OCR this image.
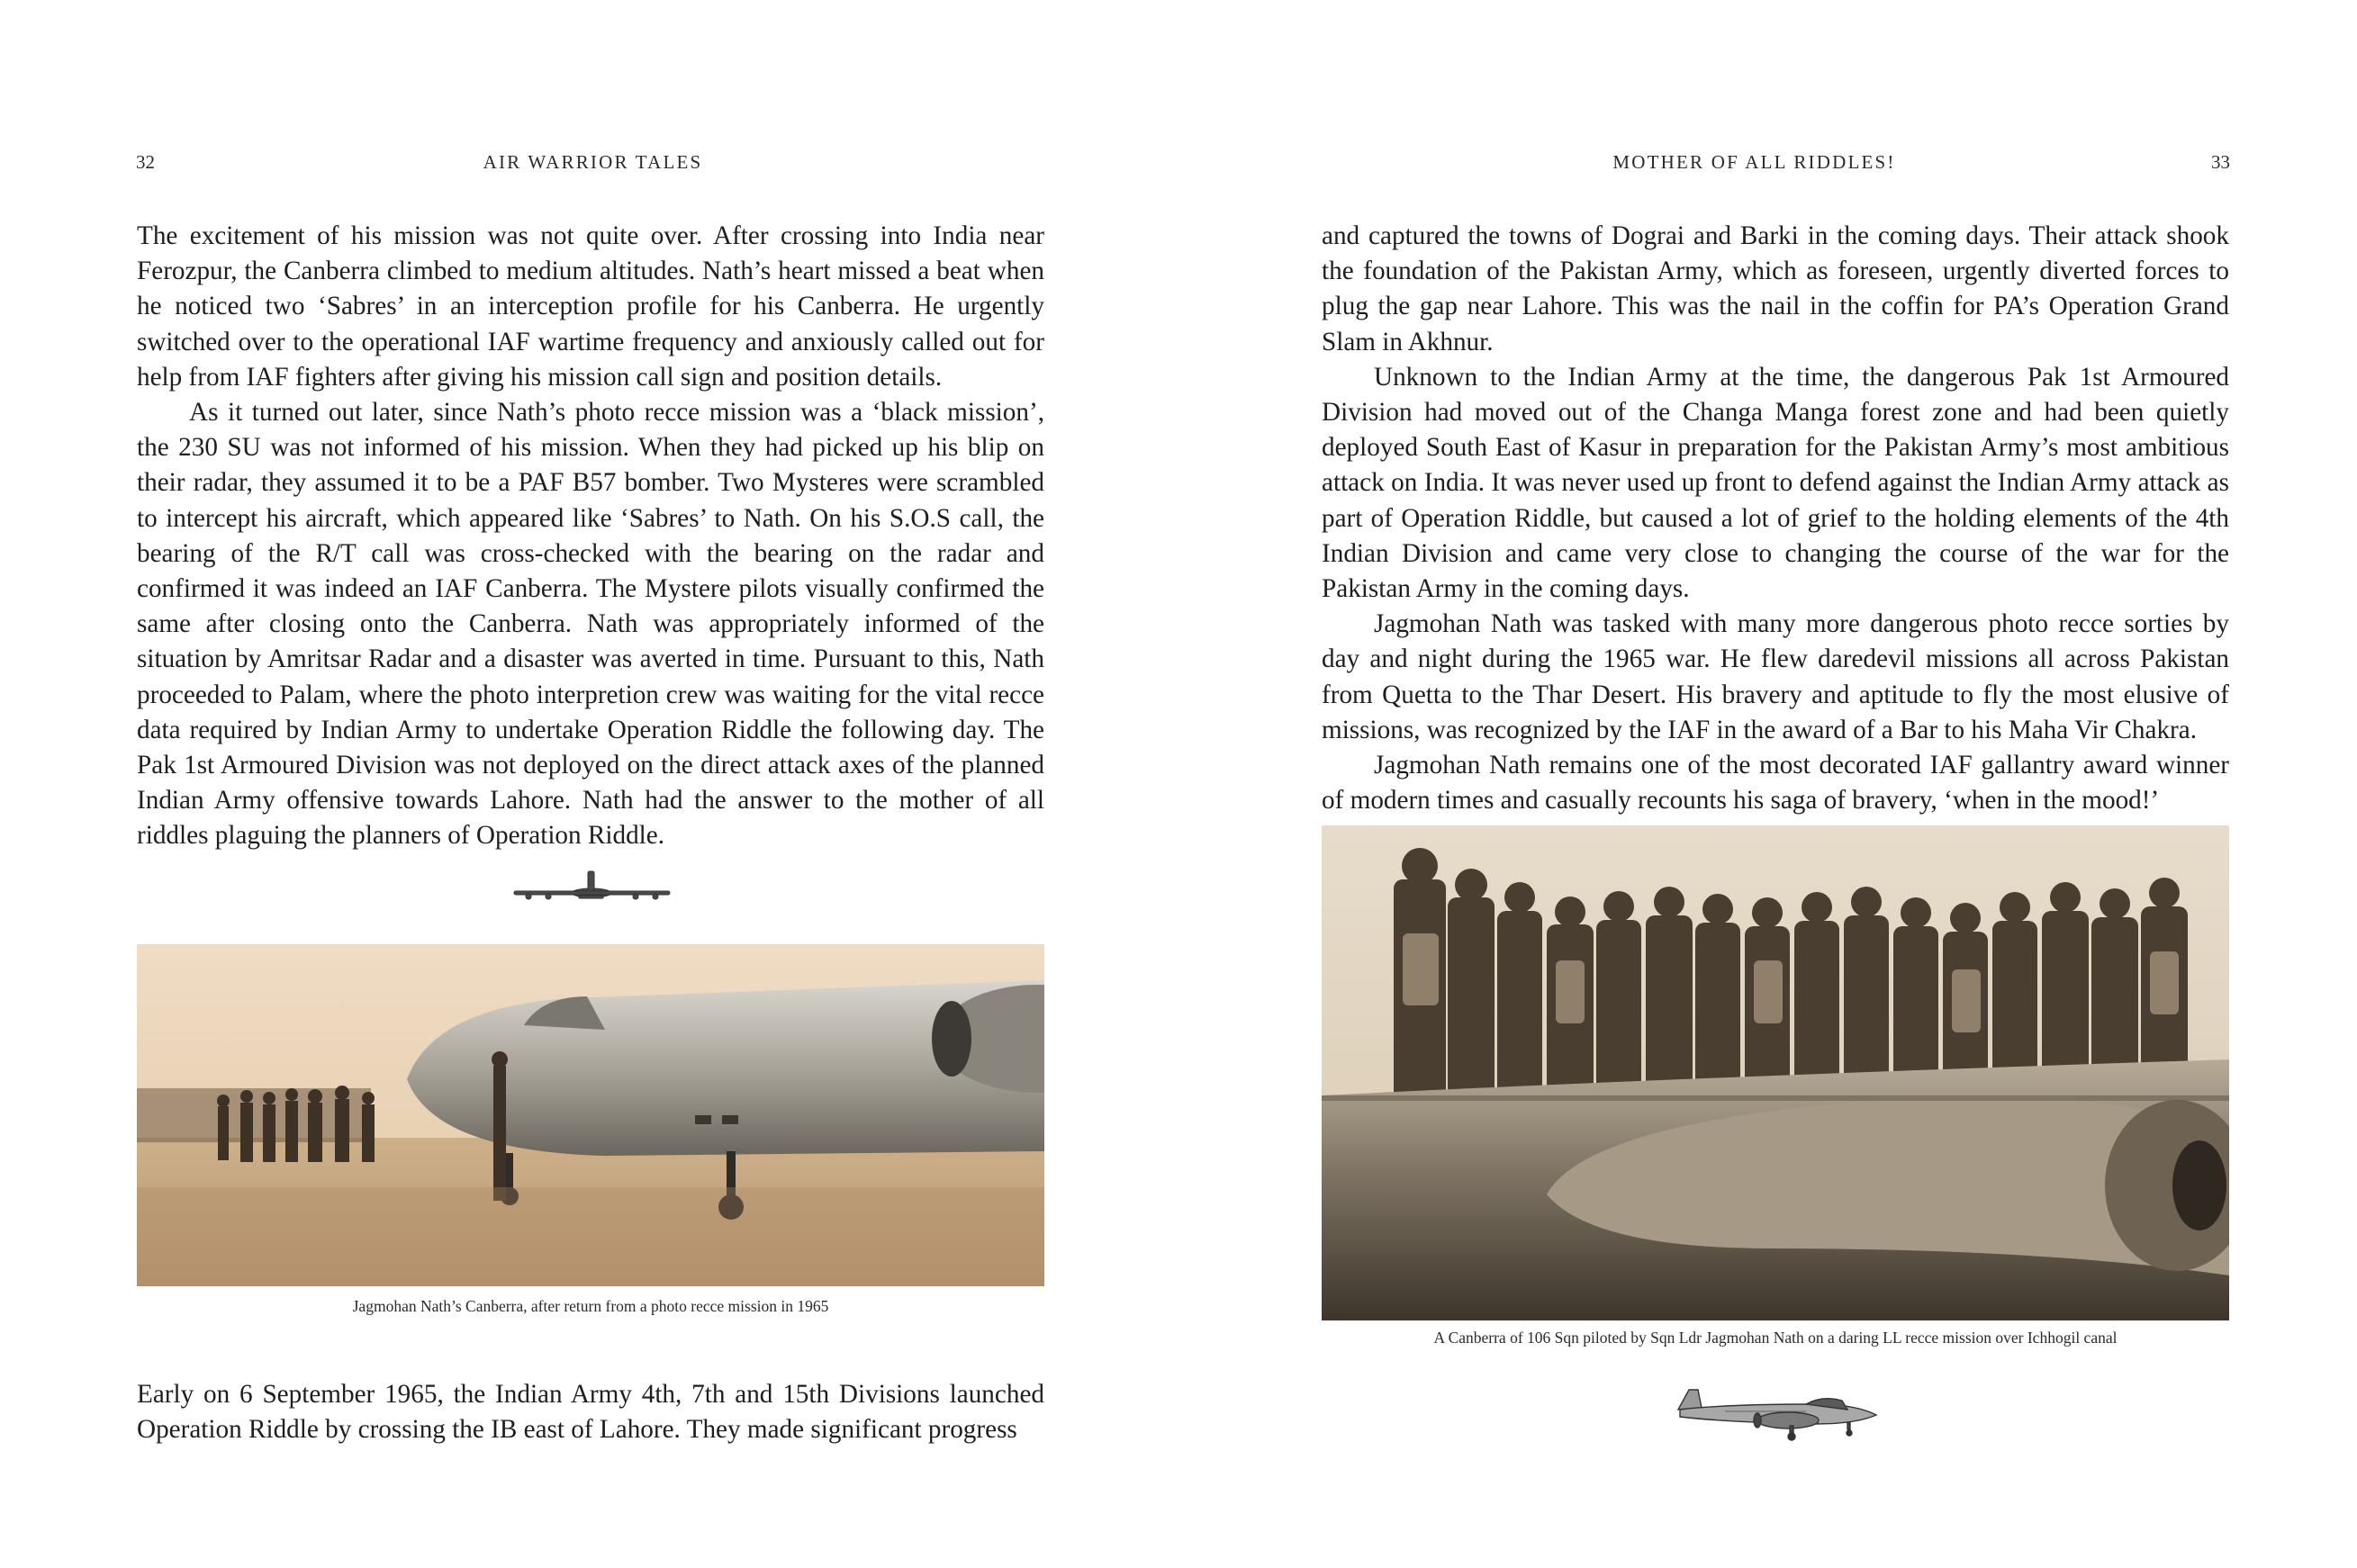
32	AIR WARRIOR TALES

The excitement of his mission was not quite over. After crossing into India near Ferozpur, the Canberra climbed to medium altitudes. Nath’s heart missed a beat when he noticed two ‘Sabres’ in an interception profile for his Canberra. He urgently switched over to the operational IAF wartime frequency and anxiously called out for help from IAF fighters after giving his mission call sign and position details.

As it turned out later, since Nath’s photo recce mission was a ‘black mission’, the 230 SU was not informed of his mission. When they had picked up his blip on their radar, they assumed it to be a PAF B57 bomber. Two Mysteres were scrambled to intercept his aircraft, which appeared like ‘Sabres’ to Nath. On his S.O.S call, the bearing of the R/T call was cross-checked with the bearing on the radar and confirmed it was indeed an IAF Canberra. The Mystere pilots visually confirmed the same after closing onto the Canberra. Nath was appropriately informed of the situation by Amritsar Radar and a disaster was averted in time. Pursuant to this, Nath proceeded to Palam, where the photo interpretion crew was waiting for the vital recce data required by Indian Army to undertake Operation Riddle the following day. The Pak 1st Armoured Division was not deployed on the direct attack axes of the planned Indian Army offensive towards Lahore. Nath had the answer to the mother of all riddles plaguing the planners of Operation Riddle.

Jagmohan Nath’s Canberra, after return from a photo recce mission in 1965

Early on 6 September 1965, the Indian Army 4th, 7th and 15th Divisions launched Operation Riddle by crossing the IB east of Lahore. They made significant progress

MOTHER OF ALL RIDDLES!	33

and captured the towns of Dograi and Barki in the coming days. Their attack shook the foundation of the Pakistan Army, which as foreseen, urgently diverted forces to plug the gap near Lahore. This was the nail in the coffin for PA’s Operation Grand Slam in Akhnur.

Unknown to the Indian Army at the time, the dangerous Pak 1st Armoured Division had moved out of the Changa Manga forest zone and had been quietly deployed South East of Kasur in preparation for the Pakistan Army’s most ambitious attack on India. It was never used up front to defend against the Indian Army attack as part of Operation Riddle, but caused a lot of grief to the holding elements of the 4th Indian Division and came very close to changing the course of the war for the Pakistan Army in the coming days.

Jagmohan Nath was tasked with many more dangerous photo recce sorties by day and night during the 1965 war. He flew daredevil missions all across Pakistan from Quetta to the Thar Desert. His bravery and aptitude to fly the most elusive of missions, was recognized by the IAF in the award of a Bar to his Maha Vir Chakra.

Jagmohan Nath remains one of the most decorated IAF gallantry award winner of modern times and casually recounts his saga of bravery, ‘when in the mood!’

A Canberra of 106 Sqn piloted by Sqn Ldr Jagmohan Nath on a daring LL recce mission over Ichhogil canal
